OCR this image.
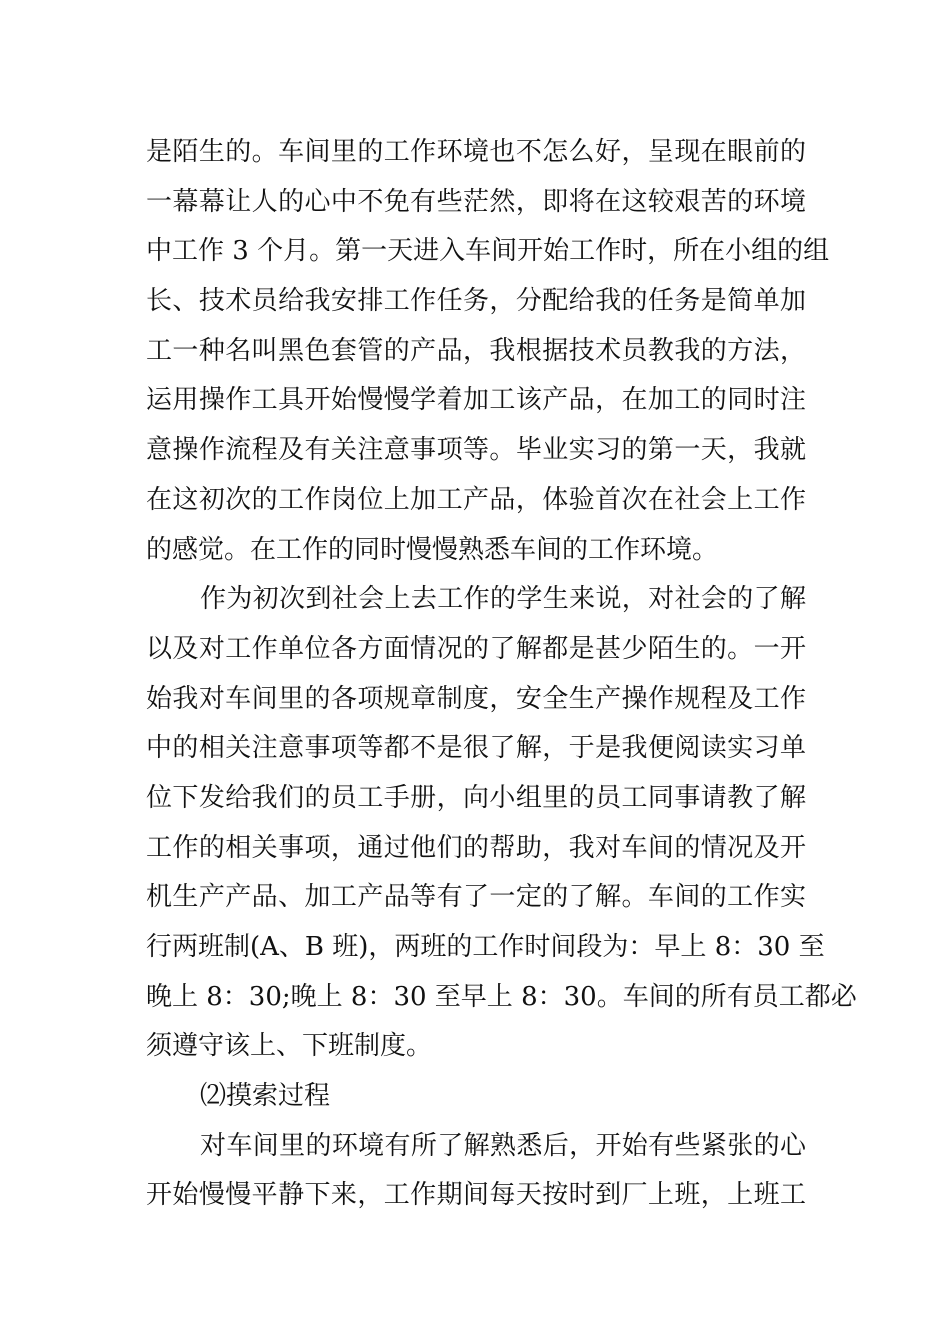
是陌生的。车间里的工作环境也不怎么好，呈现在眼前的
一幕幕让人的心中不免有些茫然，即将在这较艰苦的环境
中工作 3 个月。第一天进入车间开始工作时，所在小组的组
长、技术员给我安排工作任务，分配给我的任务是简单加
工一种名叫黑色套管的产品，我根据技术员教我的方法，
运用操作工具开始慢慢学着加工该产品，在加工的同时注
意操作流程及有关注意事项等。毕业实习的第一天，我就
在这初次的工作岗位上加工产品，体验首次在社会上工作
的感觉。在工作的同时慢慢熟悉车间的工作环境。
作为初次到社会上去工作的学生来说，对社会的了解
以及对工作单位各方面情况的了解都是甚少陌生的。一开
始我对车间里的各项规章制度，安全生产操作规程及工作
中的相关注意事项等都不是很了解，于是我便阅读实习单
位下发给我们的员工手册，向小组里的员工同事请教了解
工作的相关事项，通过他们的帮助，我对车间的情况及开
机生产产品、加工产品等有了一定的了解。车间的工作实
行两班制(A、B 班)，两班的工作时间段为：早上 8：30 至
晚上 8：30;晚上 8：30 至早上 8：30。车间的所有员工都必
须遵守该上、下班制度。
⑵摸索过程
对车间里的环境有所了解熟悉后，开始有些紧张的心
开始慢慢平静下来，工作期间每天按时到厂上班，上班工
